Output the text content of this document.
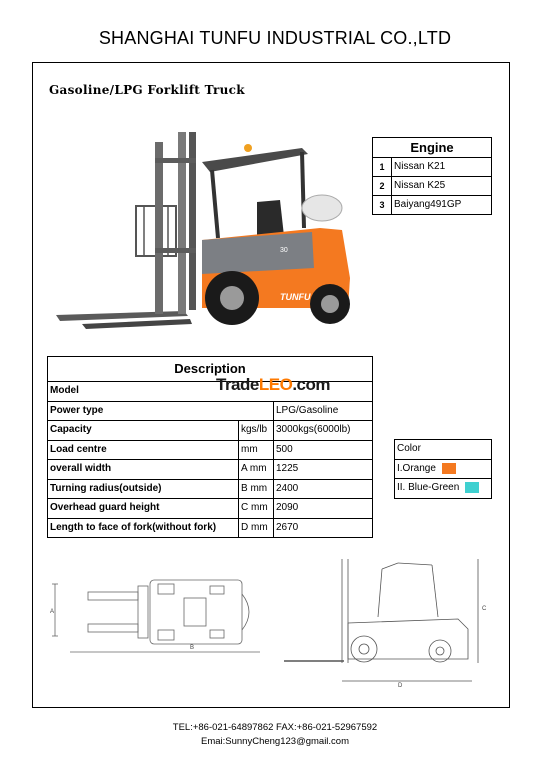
SHANGHAI TUNFU INDUSTRIAL CO.,LTD
Gasoline/LPG Forklift Truck
30
TUNFU
Engine	
1	Nissan K21
2	Nissan K25
3	Baiyang491GP
Description		
Model		
Power type		LPG/Gasoline
Capacity	kgs/lb	3000kgs(6000lb)
Load centre	mm	500
overall width	A mm	1225
Turning radius(outside)	B mm	2400
Overhead guard height	C mm	2090
Length to face of fork(without fork)	D mm	2670
TradeLEO.com
Color
I.Orange
II. Blue-Green
A
B
C
D
TEL:+86-021-64897862 FAX:+86-021-52967592
Emai:SunnyCheng123@gmail.com
